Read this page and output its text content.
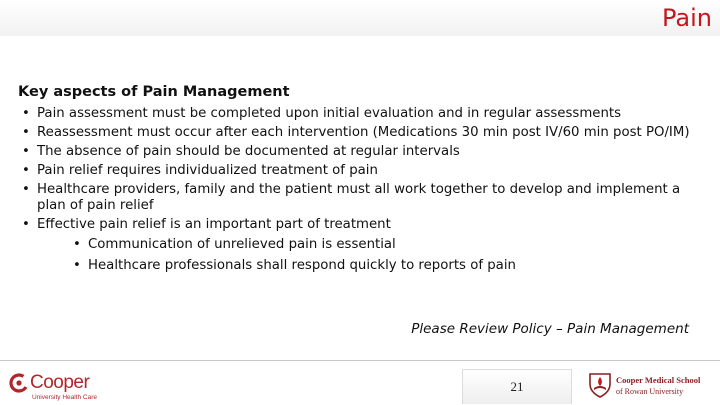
Pain
Key aspects of Pain Management
• Pain assessment must be completed upon initial evaluation and in regular assessments
• Reassessment must occur after each intervention (Medications 30 min post IV/60 min post PO/IM)
• The absence of pain should be documented at regular intervals
• Pain relief requires individualized treatment of pain
• Healthcare providers, family and the patient must all work together to develop and implement a plan of pain relief
• Effective pain relief is an important part of treatment
• Communication of unrelieved pain is essential
• Healthcare professionals shall respond quickly to reports of pain
Please Review Policy – Pain Management
Cooper
University Health Care
21	Cooper Medical School
of Rowan University
